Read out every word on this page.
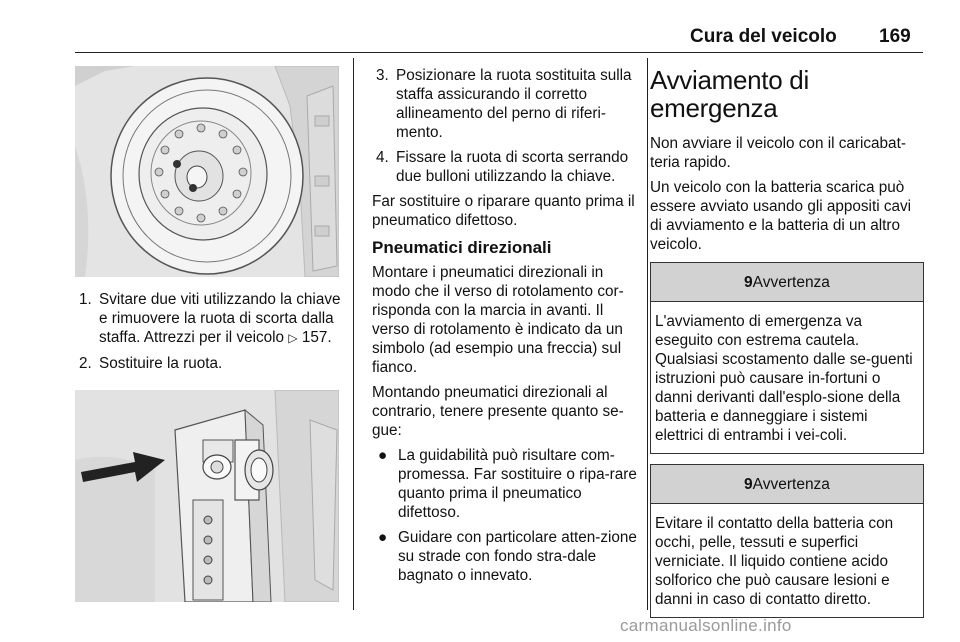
Cura del veicolo 169
1. Svitare due viti utilizzando la chiave e rimuovere la ruota di scorta dalla staffa. Attrezzi per il veicolo ▷ 157.
2. Sostituire la ruota.
3. Posizionare la ruota sostituita sulla staffa assicurando il corretto allineamento del perno di riferi-mento.
4. Fissare la ruota di scorta serrando due bulloni utilizzando la chiave.

Far sostituire o riparare quanto prima il pneumatico difettoso.

Pneumatici direzionali

Montare i pneumatici direzionali in modo che il verso di rotolamento cor-risponda con la marcia in avanti. Il verso di rotolamento è indicato da un simbolo (ad esempio una freccia) sul fianco.

Montando pneumatici direzionali al contrario, tenere presente quanto se-gue:

● La guidabilità può risultare com-promessa. Far sostituire o ripa-rare quanto prima il pneumatico difettoso.
● Guidare con particolare atten-zione su strade con fondo stra-dale bagnato o innevato.
Avviamento di emergenza

Non avviare il veicolo con il caricabat-teria rapido.

Un veicolo con la batteria scarica può essere avviato usando gli appositi cavi di avviamento e la batteria di un altro veicolo.

9 Avvertenza
L'avviamento di emergenza va eseguito con estrema cautela. Qualsiasi scostamento dalle se-guenti istruzioni può causare in-fortuni o danni derivanti dall'esplo-sione della batteria e danneggiare i sistemi elettrici di entrambi i vei-coli.
9 Avvertenza
Evitare il contatto della batteria con occhi, pelle, tessuti e superfici verniciate. Il liquido contiene acido solforico che può causare lesioni e danni in caso di contatto diretto.
carmanualsonline.info
